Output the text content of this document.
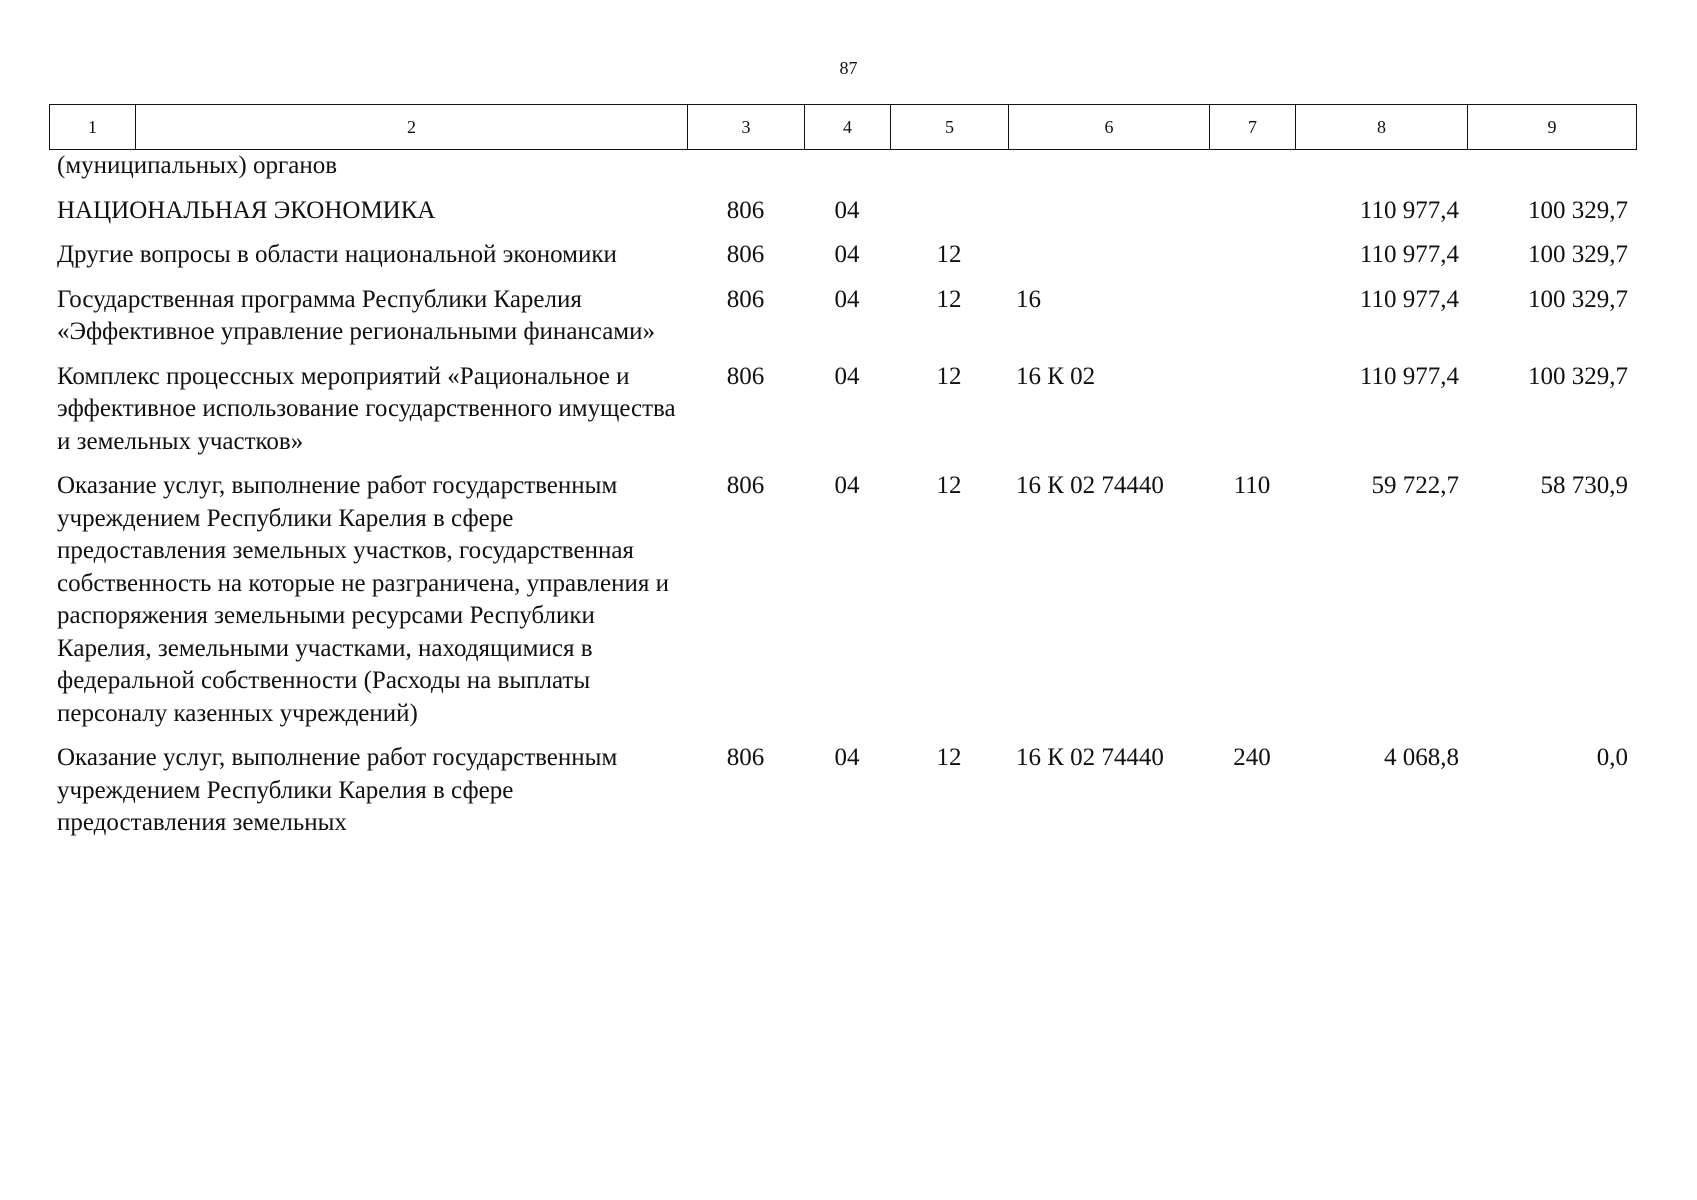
87
1	2	3	4	5	6	7	8	9
(муниципальных) органов							
НАЦИОНАЛЬНАЯ ЭКОНОМИКА	806	04				110 977,4	100 329,7
Другие вопросы в области национальной экономики	806	04	12			110 977,4	100 329,7
Государственная программа Республики Карелия «Эффективное управление региональными финансами»	806	04	12	16		110 977,4	100 329,7
Комплекс процессных мероприятий «Рациональное и эффективное использование государственного имущества и земельных участков»	806	04	12	16 К 02		110 977,4	100 329,7
Оказание услуг, выполнение работ государственным учреждением Республики Карелия в сфере предоставления земельных участков, государственная собственность на которые не разграничена, управления и распоряжения земельными ресурсами Республики Карелия, земельными участками, находящимися в федеральной собственности (Расходы на выплаты персоналу казенных учреждений)	806	04	12	16 К 02 74440	110	59 722,7	58 730,9
Оказание услуг, выполнение работ государственным учреждением Республики Карелия в сфере предоставления земельных	806	04	12	16 К 02 74440	240	4 068,8	0,0
